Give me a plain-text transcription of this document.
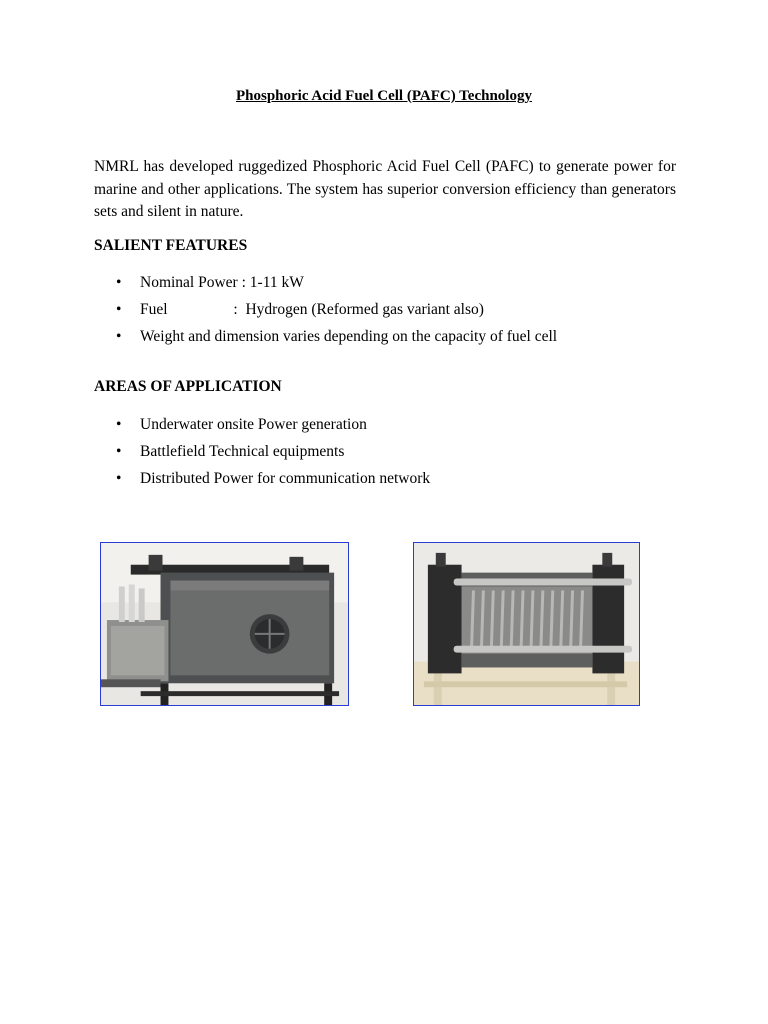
Phosphoric Acid Fuel Cell (PAFC) Technology

NMRL has developed ruggedized Phosphoric Acid Fuel Cell (PAFC) to generate power for marine and other applications. The system has superior conversion efficiency than generators sets and silent in nature.

SALIENT FEATURES
• Nominal Power : 1-11 kW
• Fuel                 :  Hydrogen (Reformed gas variant also)
• Weight and dimension varies depending on the capacity of fuel cell
AREAS OF APPLICATION
• Underwater onsite Power generation
• Battlefield Technical equipments
• Distributed Power for communication network
